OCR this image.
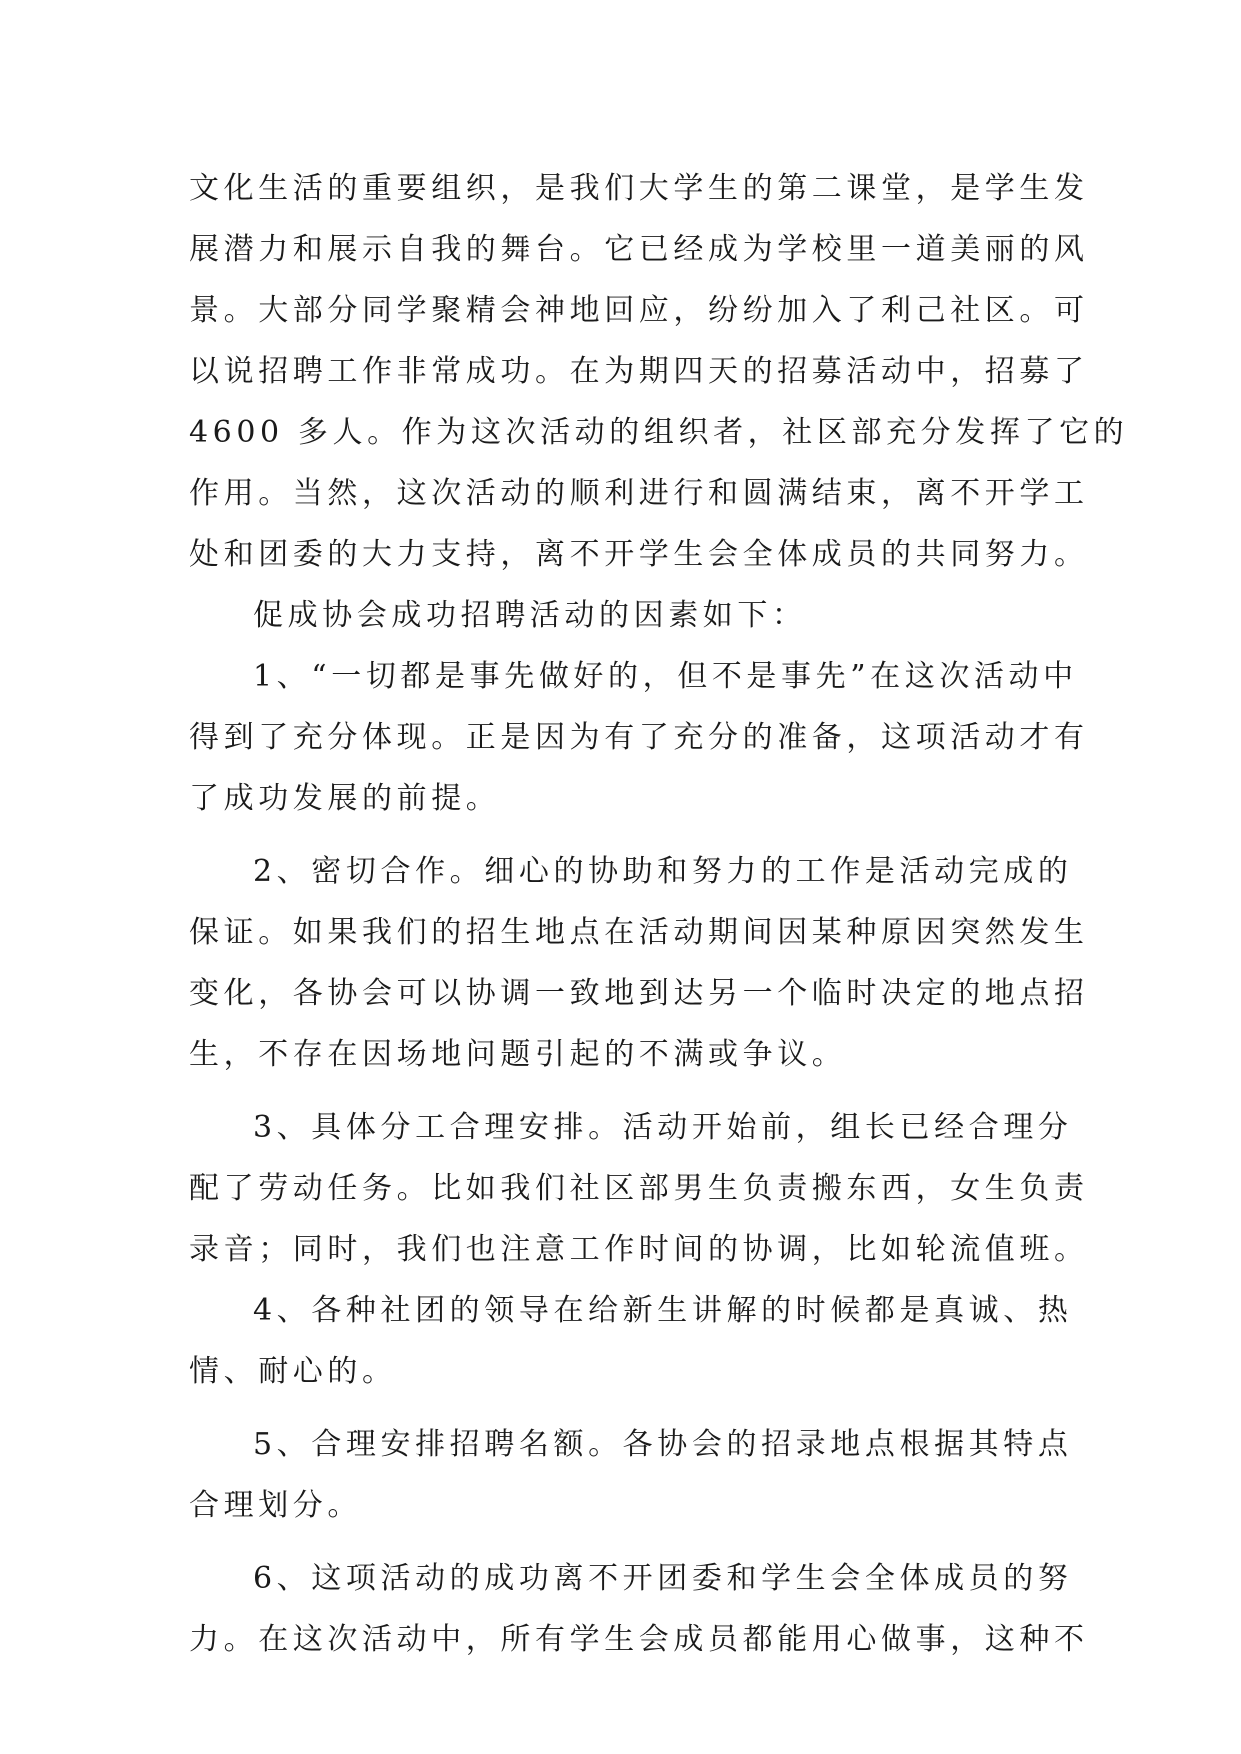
文化生活的重要组织，是我们大学生的第二课堂，是学生发
展潜力和展示自我的舞台。它已经成为学校里一道美丽的风
景。大部分同学聚精会神地回应，纷纷加入了利己社区。可
以说招聘工作非常成功。在为期四天的招募活动中，招募了
4600 多人。作为这次活动的组织者，社区部充分发挥了它的
作用。当然，这次活动的顺利进行和圆满结束，离不开学工
处和团委的大力支持，离不开学生会全体成员的共同努力。
促成协会成功招聘活动的因素如下：
1、“一切都是事先做好的，但不是事先”在这次活动中
得到了充分体现。正是因为有了充分的准备，这项活动才有
了成功发展的前提。
2、密切合作。细心的协助和努力的工作是活动完成的
保证。如果我们的招生地点在活动期间因某种原因突然发生
变化，各协会可以协调一致地到达另一个临时决定的地点招
生，不存在因场地问题引起的不满或争议。
3、具体分工合理安排。活动开始前，组长已经合理分
配了劳动任务。比如我们社区部男生负责搬东西，女生负责
录音；同时，我们也注意工作时间的协调，比如轮流值班。
4、各种社团的领导在给新生讲解的时候都是真诚、热
情、耐心的。
5、合理安排招聘名额。各协会的招录地点根据其特点
合理划分。
6、这项活动的成功离不开团委和学生会全体成员的努
力。在这次活动中，所有学生会成员都能用心做事，这种不
